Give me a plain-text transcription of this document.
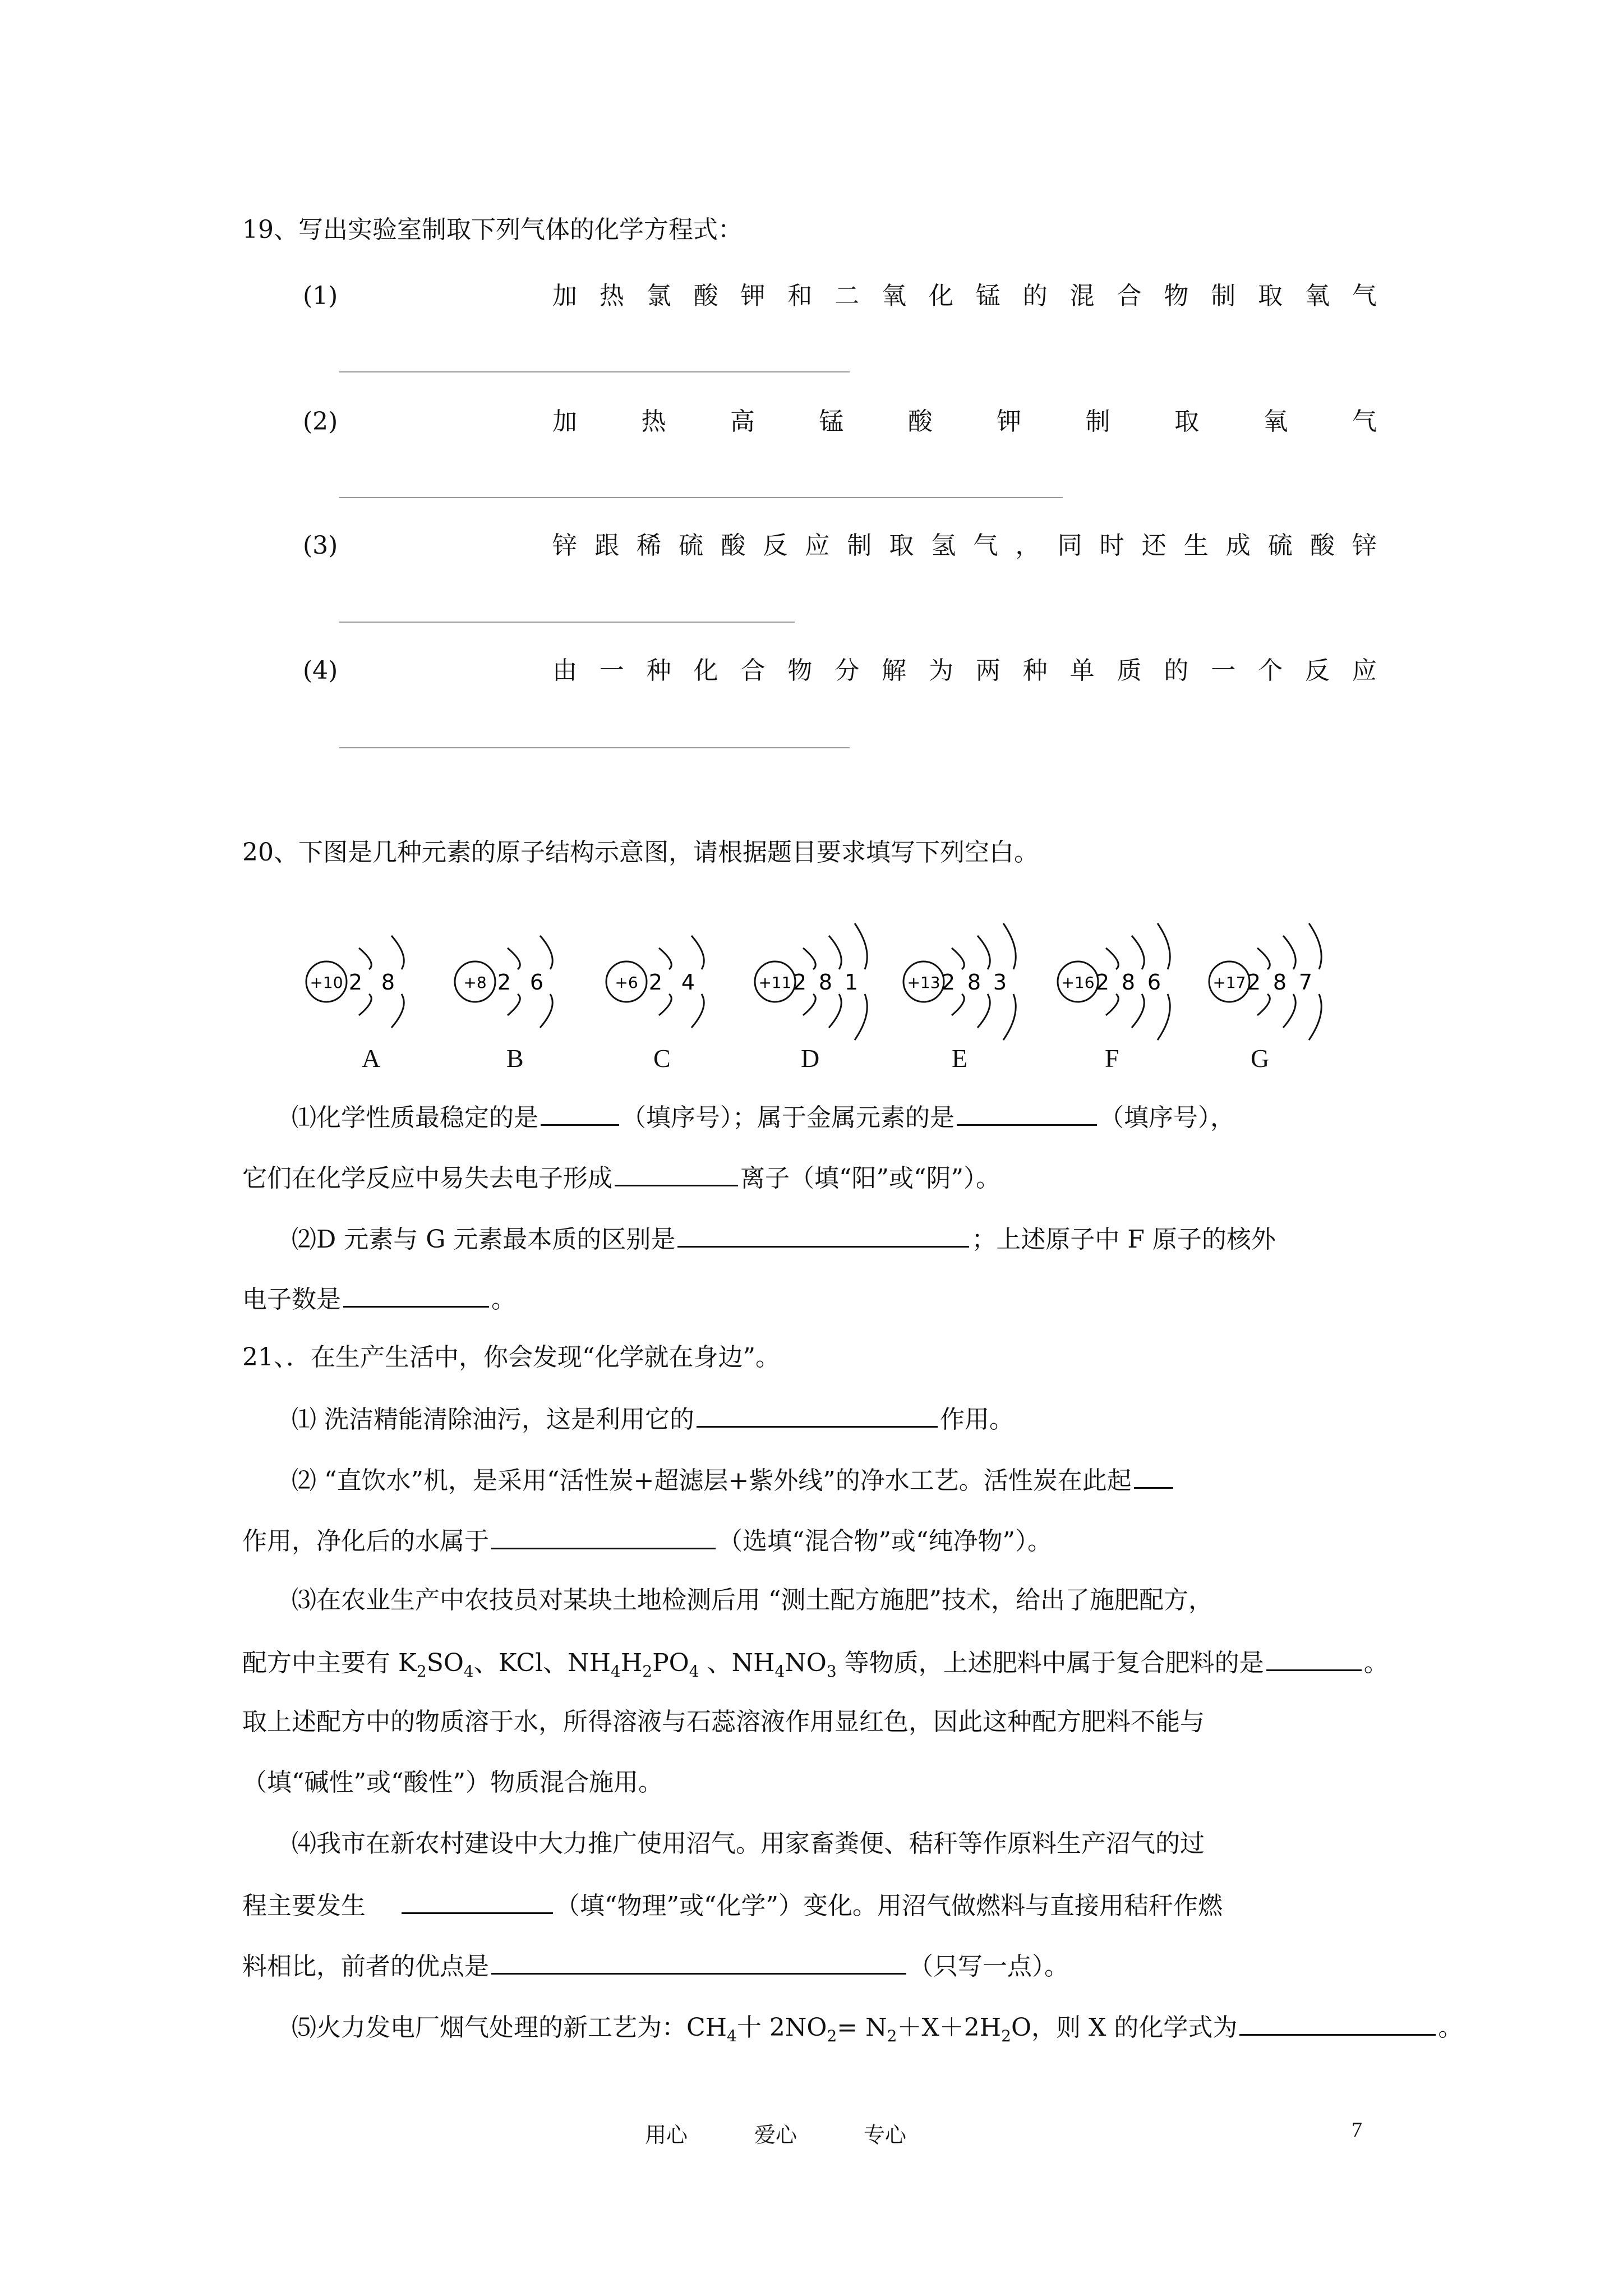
19、写出实验室制取下列气体的化学方程式：
(1)	加 热 氯 酸 钾 和 二 氧 化 锰 的 混 合 物 制 取 氧 气
(2)	加	热	高	锰	酸	钾	制	取	氧	气
(3)	锌 跟 稀 硫 酸 反 应 制 取 氢 气 ， 同 时 还 生 成 硫 酸 锌
(4)	由 一 种 化 合 物 分 解 为 两 种 单 质 的 一 个 反 应
20、下图是几种元素的原子结构示意图，请根据题目要求填写下列空白。
+10 2 8
A
+8 2 6
B
+6 2 4
C
+11 2 8 1
D
+13 2 8 3
E
+16 2 8 6
F
+17 2 8 7
G
⑴化学性质最稳定的是	（填序号）；属于金属元素的是	（填序号），
它们在化学反应中易失去电子形成	离子（填“阳”或“阴”）。
⑵D 元素与 G 元素最本质的区别是	；上述原子中 F 原子的核外
电子数是	。
21、．在生产生活中，你会发现“化学就在身边”。
⑴ 洗洁精能清除油污，这是利用它的	作用。
⑵ “直饮水”机，是采用“活性炭+超滤层+紫外线”的净水工艺。活性炭在此起
作用，净化后的水属于	（选填“混合物”或“纯净物”）。
⑶在农业生产中农技员对某块土地检测后用 “测土配方施肥”技术，给出了施肥配方，
配方中主要有 $K_2SO_4$、KCl、$NH_4H_2PO_4$ 、$NH_4NO_3$ 等物质，上述肥料中属于复合肥料的是	。
取上述配方中的物质溶于水，所得溶液与石蕊溶液作用显红色，因此这种配方肥料不能与
（填“碱性”或“酸性”）物质混合施用。
⑷我市在新农村建设中大力推广使用沼气。用家畜粪便、秸秆等作原料生产沼气的过
程主要发生	（填“物理”或“化学”）变化。用沼气做燃料与直接用秸秆作燃
料相比，前者的优点是	（只写一点）。
⑸火力发电厂烟气处理的新工艺为：$CH_4$十 $2NO_2= N_2+X+2H_2O$，则 X 的化学式为	。
用心	爱心	专心	7
